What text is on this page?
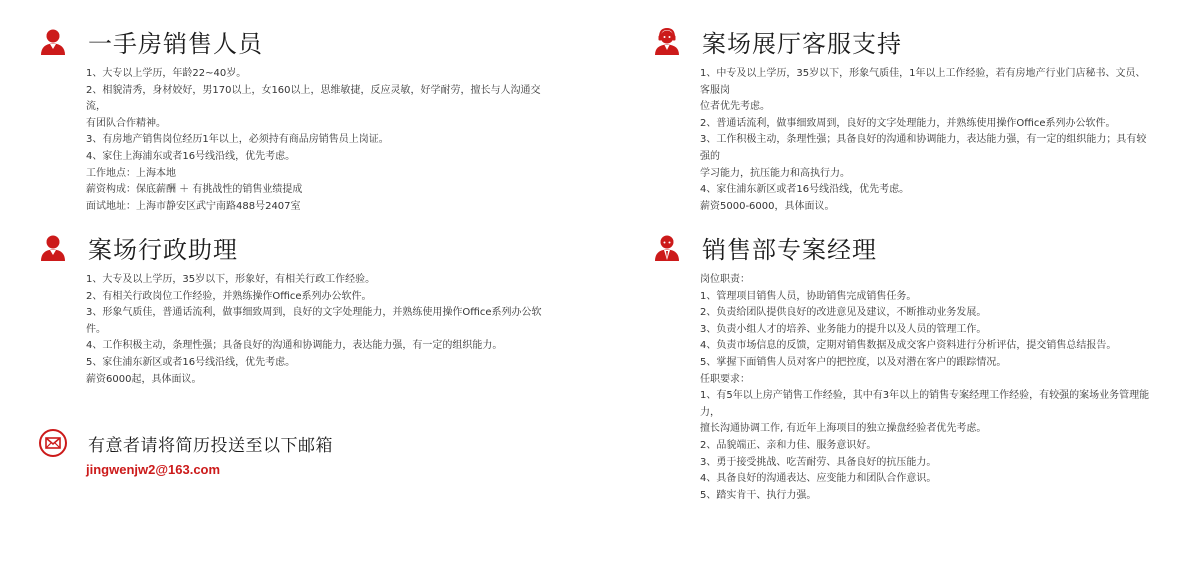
一手房销售人员

1、大专以上学历，年龄22~40岁。

2、相貌清秀，身材姣好，男170以上，女160以上，思维敏捷，反应灵敏，好学耐劳，擅长与人沟通交流，

有团队合作精神。

3、有房地产销售岗位经历1年以上，必须持有商品房销售员上岗证。

4、家住上海浦东或者16号线沿线，优先考虑。

工作地点：上海本地

薪资构成：保底薪酬 ＋ 有挑战性的销售业绩提成

面试地址：上海市静安区武宁南路488号2407室

案场展厅客服支持

1、中专及以上学历，35岁以下，形象气质佳，1年以上工作经验，若有房地产行业门店秘书、文员、客服岗

位者优先考虑。

2、普通话流利，做事细致周到，良好的文字处理能力，并熟练使用操作Office系列办公软件。

3、工作积极主动，条理性强；具备良好的沟通和协调能力，表达能力强，有一定的组织能力；具有较强的

学习能力，抗压能力和高执行力。

4、家住浦东新区或者16号线沿线，优先考虑。

薪资5000-6000，具体面议。

案场行政助理

1、大专及以上学历，35岁以下，形象好，有相关行政工作经验。

2、有相关行政岗位工作经验，并熟练操作Office系列办公软件。

3、形象气质佳，普通话流利，做事细致周到，良好的文字处理能力，并熟练使用操作Office系列办公软件。

4、工作积极主动，条理性强；具备良好的沟通和协调能力，表达能力强，有一定的组织能力。

5、家住浦东新区或者16号线沿线，优先考虑。

薪资6000起，具体面议。

销售部专案经理

岗位职责：

1、管理项目销售人员，协助销售完成销售任务。

2、负责给团队提供良好的改进意见及建议，不断推动业务发展。

3、负责小组人才的培养、业务能力的提升以及人员的管理工作。

4、负责市场信息的反馈，定期对销售数据及成交客户资料进行分析评估，提交销售总结报告。

5、掌握下面销售人员对客户的把控度，以及对潜在客户的跟踪情况。

任职要求：

1、有5年以上房产销售工作经验，其中有3年以上的销售专案经理工作经验，有较强的案场业务管理能力，

擅长沟通协调工作, 有近年上海项目的独立操盘经验者优先考虑。

2、品貌端正、亲和力佳、服务意识好。

3、勇于接受挑战、吃苦耐劳、具备良好的抗压能力。

4、具备良好的沟通表达、应变能力和团队合作意识。

5、踏实肯干、执行力强。

有意者请将简历投送至以下邮箱
jingwenjw2@163.com
